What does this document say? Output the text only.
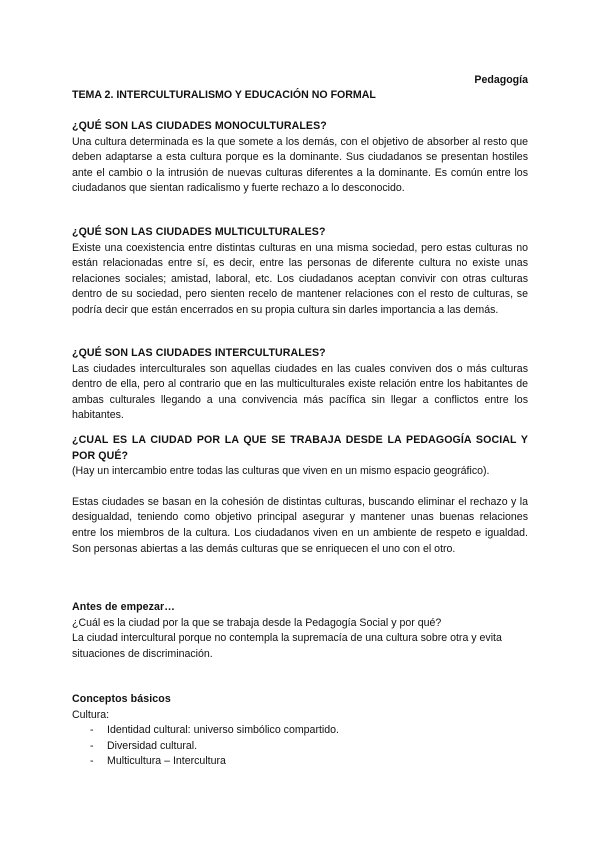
Pedagogía
TEMA 2. INTERCULTURALISMO Y EDUCACIÓN NO FORMAL
¿QUÉ SON LAS CIUDADES MONOCULTURALES?

Una cultura determinada es la que somete a los demás, con el objetivo de absorber al resto que deben adaptarse a esta cultura porque es la dominante. Sus ciudadanos se presentan hostiles ante el cambio o la intrusión de nuevas culturas diferentes a la dominante. Es común entre los ciudadanos que sientan radicalismo y fuerte rechazo a lo desconocido.

¿QUÉ SON LAS CIUDADES MULTICULTURALES?

Existe una coexistencia entre distintas culturas en una misma sociedad, pero estas culturas no están relacionadas entre sí, es decir, entre las personas de diferente cultura no existe unas relaciones sociales; amistad, laboral, etc. Los ciudadanos aceptan convivir con otras culturas dentro de su sociedad, pero sienten recelo de mantener relaciones con el resto de culturas, se podría decir que están encerrados en su propia cultura sin darles importancia a las demás.

¿QUÉ SON LAS CIUDADES INTERCULTURALES?

Las ciudades interculturales son aquellas ciudades en las cuales conviven dos o más culturas dentro de ella, pero al contrario que en las multiculturales existe relación entre los habitantes de ambas culturales llegando a una convivencia más pacífica sin llegar a conflictos entre los habitantes.

¿CUAL ES LA CIUDAD POR LA QUE SE TRABAJA DESDE LA PEDAGOGÍA SOCIAL Y POR QUÉ?

(Hay un intercambio entre todas las culturas que viven en un mismo espacio geográfico).

Estas ciudades se basan en la cohesión de distintas culturas, buscando eliminar el rechazo y la desigualdad, teniendo como objetivo principal asegurar y mantener unas buenas relaciones entre los miembros de la cultura. Los ciudadanos viven en un ambiente de respeto e igualdad. Son personas abiertas a las demás culturas que se enriquecen el uno con el otro.

Antes de empezar…

¿Cuál es la ciudad por la que se trabaja desde la Pedagogía Social y por qué?

La ciudad intercultural porque no contempla la supremacía de una cultura sobre otra y evita situaciones de discriminación.

Conceptos básicos
Cultura:
- Identidad cultural: universo simbólico compartido.
- Diversidad cultural.
- Multicultura – Intercultura
